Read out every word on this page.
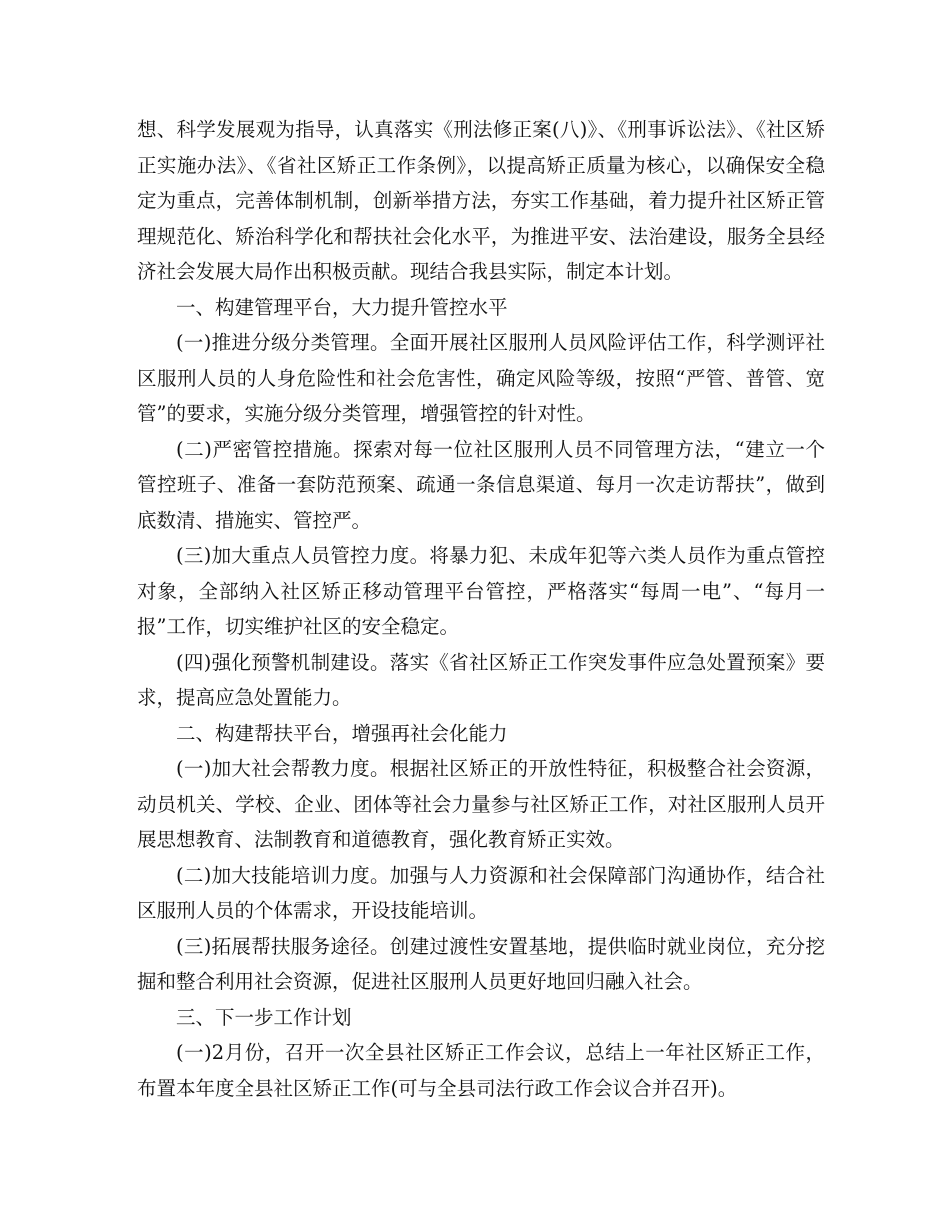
想、科学发展观为指导，认真落实《刑法修正案(八)》、《刑事诉讼法》、《社区矫正实施办法》、《省社区矫正工作条例》，以提高矫正质量为核心，以确保安全稳定为重点，完善体制机制，创新举措方法，夯实工作基础，着力提升社区矫正管理规范化、矫治科学化和帮扶社会化水平，为推进平安、法治建设，服务全县经济社会发展大局作出积极贡献。现结合我县实际，制定本计划。

一、构建管理平台，大力提升管控水平

(一)推进分级分类管理。全面开展社区服刑人员风险评估工作，科学测评社区服刑人员的人身危险性和社会危害性，确定风险等级，按照“严管、普管、宽管”的要求，实施分级分类管理，增强管控的针对性。

(二)严密管控措施。探索对每一位社区服刑人员不同管理方法，“建立一个管控班子、准备一套防范预案、疏通一条信息渠道、每月一次走访帮扶”，做到底数清、措施实、管控严。

(三)加大重点人员管控力度。将暴力犯、未成年犯等六类人员作为重点管控对象，全部纳入社区矫正移动管理平台管控，严格落实“每周一电”、“每月一报”工作，切实维护社区的安全稳定。

(四)强化预警机制建设。落实《省社区矫正工作突发事件应急处置预案》要求，提高应急处置能力。

二、构建帮扶平台，增强再社会化能力

(一)加大社会帮教力度。根据社区矫正的开放性特征，积极整合社会资源，动员机关、学校、企业、团体等社会力量参与社区矫正工作，对社区服刑人员开展思想教育、法制教育和道德教育，强化教育矫正实效。

(二)加大技能培训力度。加强与人力资源和社会保障部门沟通协作，结合社区服刑人员的个体需求，开设技能培训。

(三)拓展帮扶服务途径。创建过渡性安置基地，提供临时就业岗位，充分挖掘和整合利用社会资源，促进社区服刑人员更好地回归融入社会。

三、下一步工作计划

(一)2月份，召开一次全县社区矫正工作会议，总结上一年社区矫正工作，布置本年度全县社区矫正工作(可与全县司法行政工作会议合并召开)。
